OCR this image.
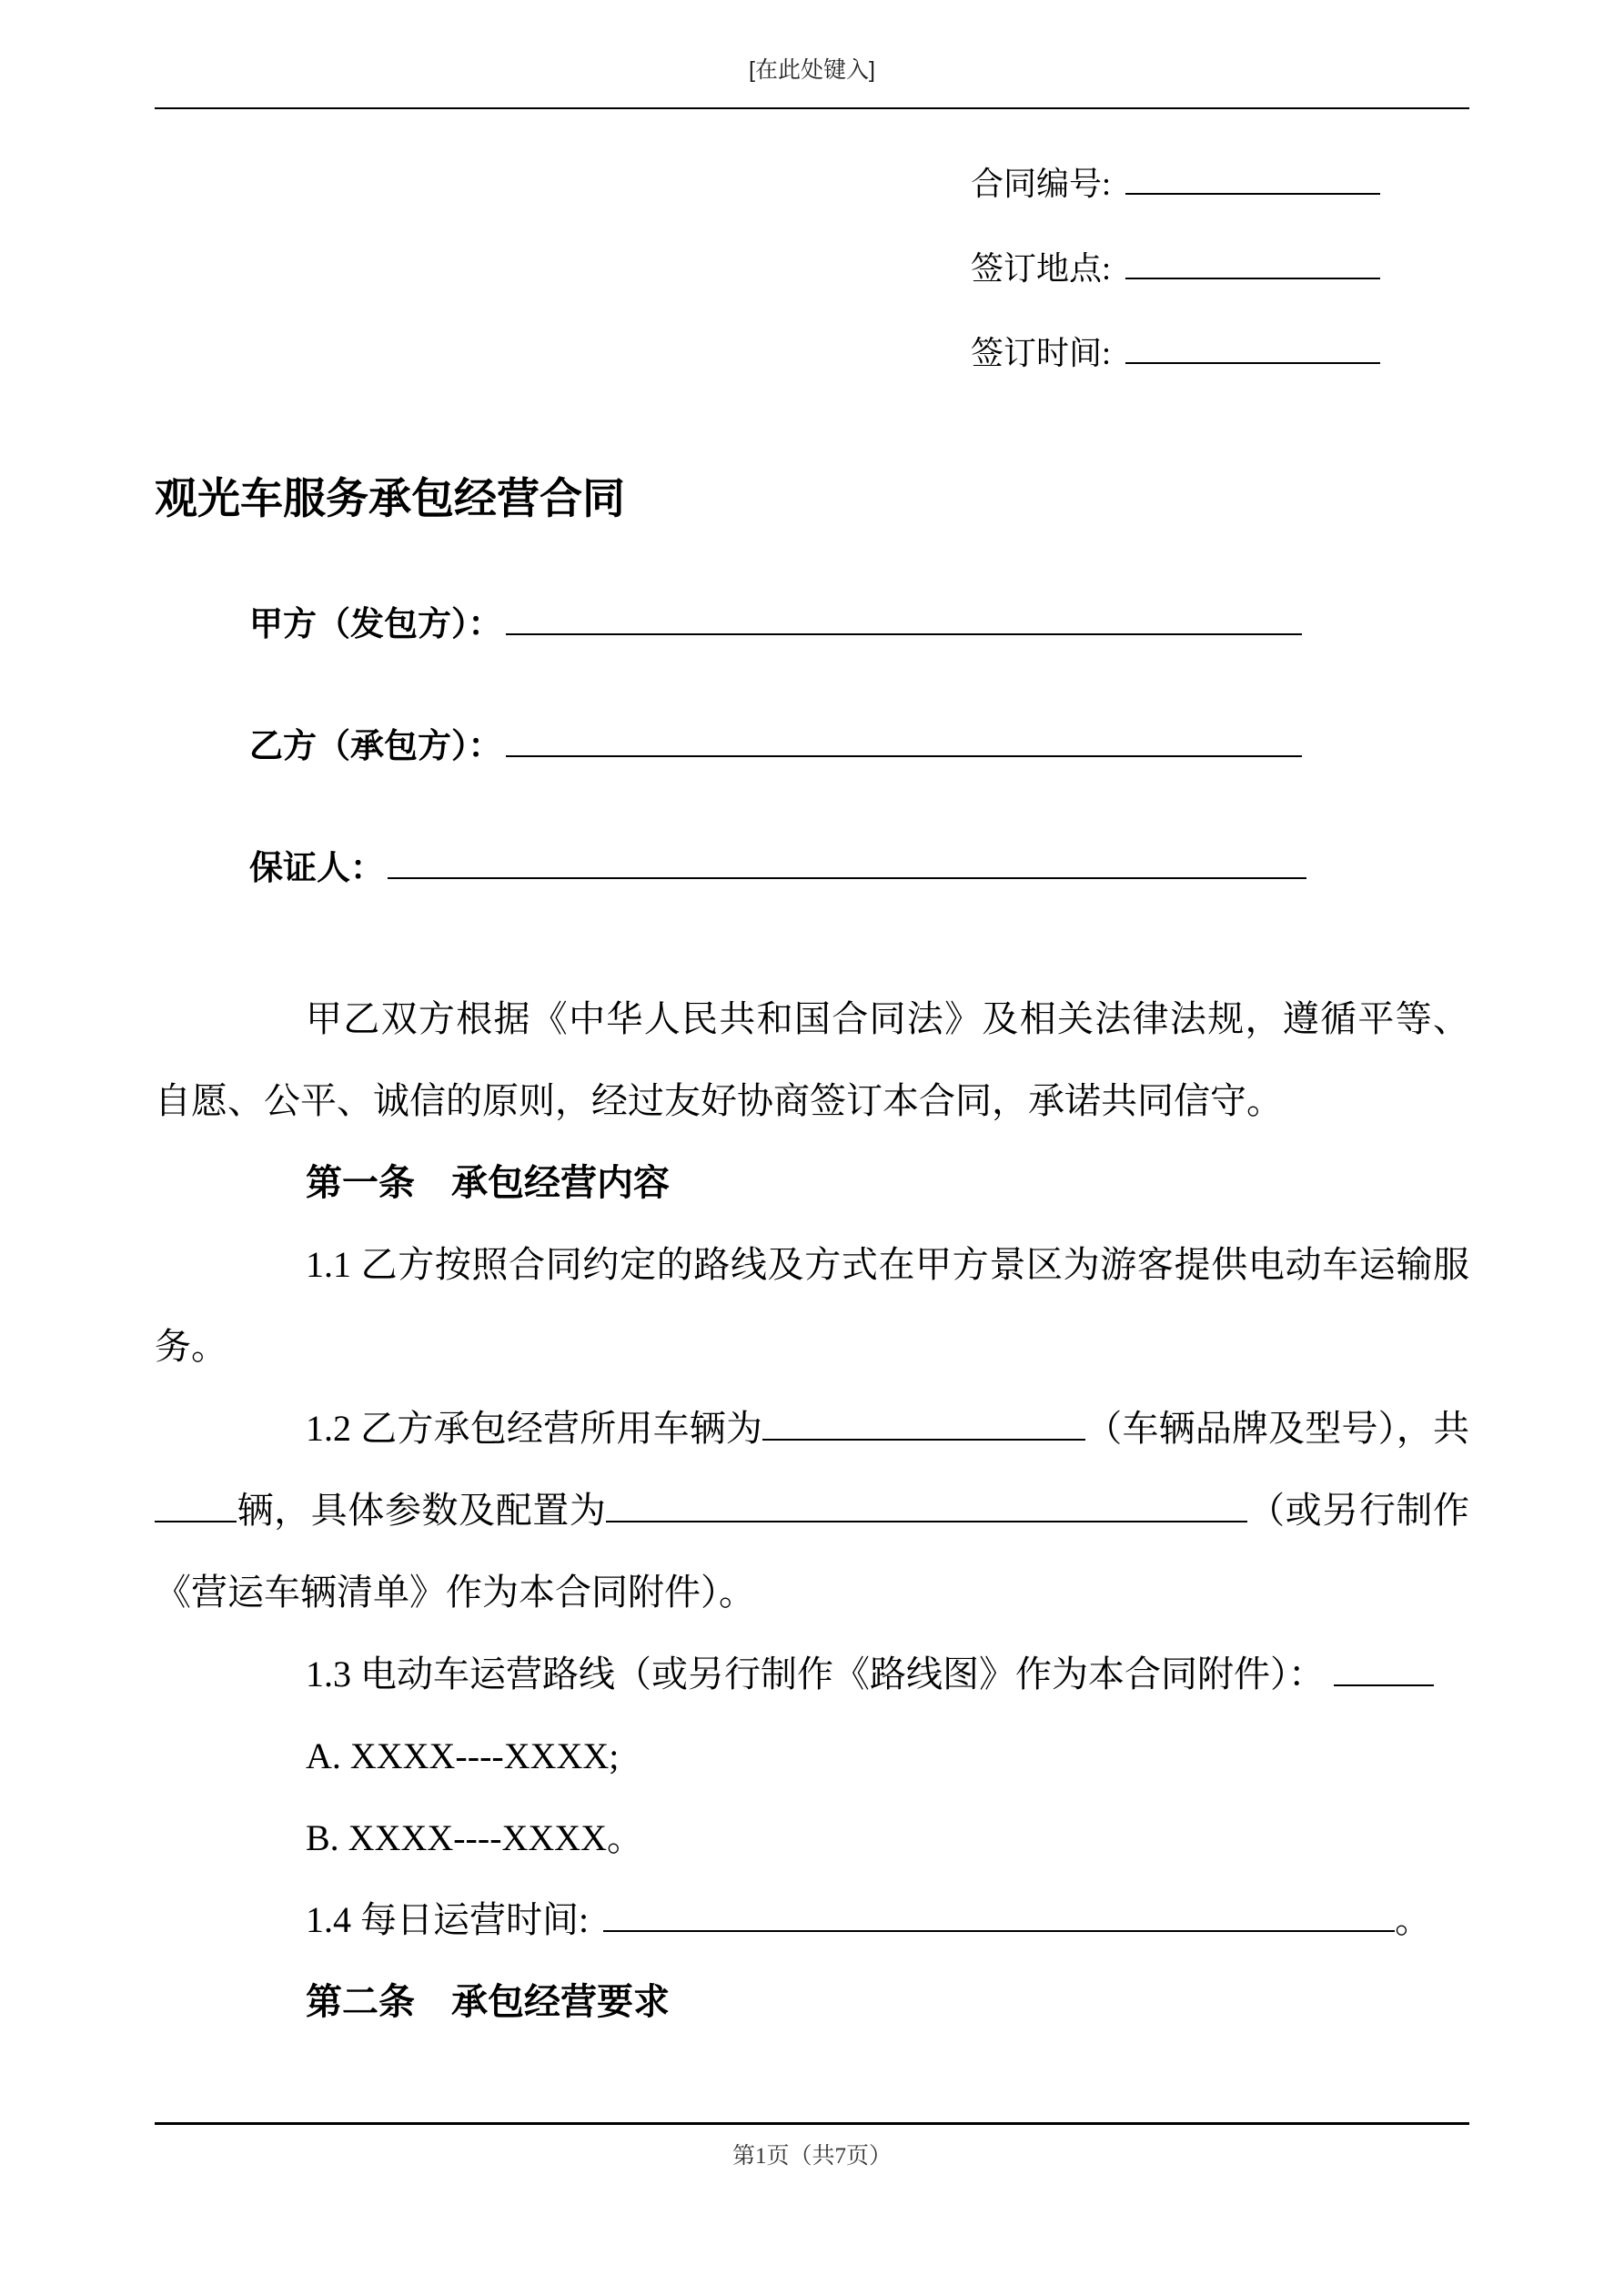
[在此处键入]
合同编号:
签订地点:
签订时间:
观光车服务承包经营合同
甲方（发包方）：
乙方（承包方）：
保证人：

甲乙双方根据《中华人民共和国合同法》及相关法律法规，遵循平等、自愿、公平、诚信的原则，经过友好协商签订本合同，承诺共同信守。

第一条　承包经营内容

1.1 乙方按照合同约定的路线及方式在甲方景区为游客提供电动车运输服务。

1.2 乙方承包经营所用车辆为	（车辆品牌及型号），共辆，具体参数及配置为	（或另行制作《营运车辆清单》作为本合同附件）。

1.3 电动车运营路线（或另行制作《路线图》作为本合同附件）：

A. XXXX----XXXX;

B. XXXX----XXXX。

1.4 每日运营时间:	。

第二条　承包经营要求

第1页（共7页）
